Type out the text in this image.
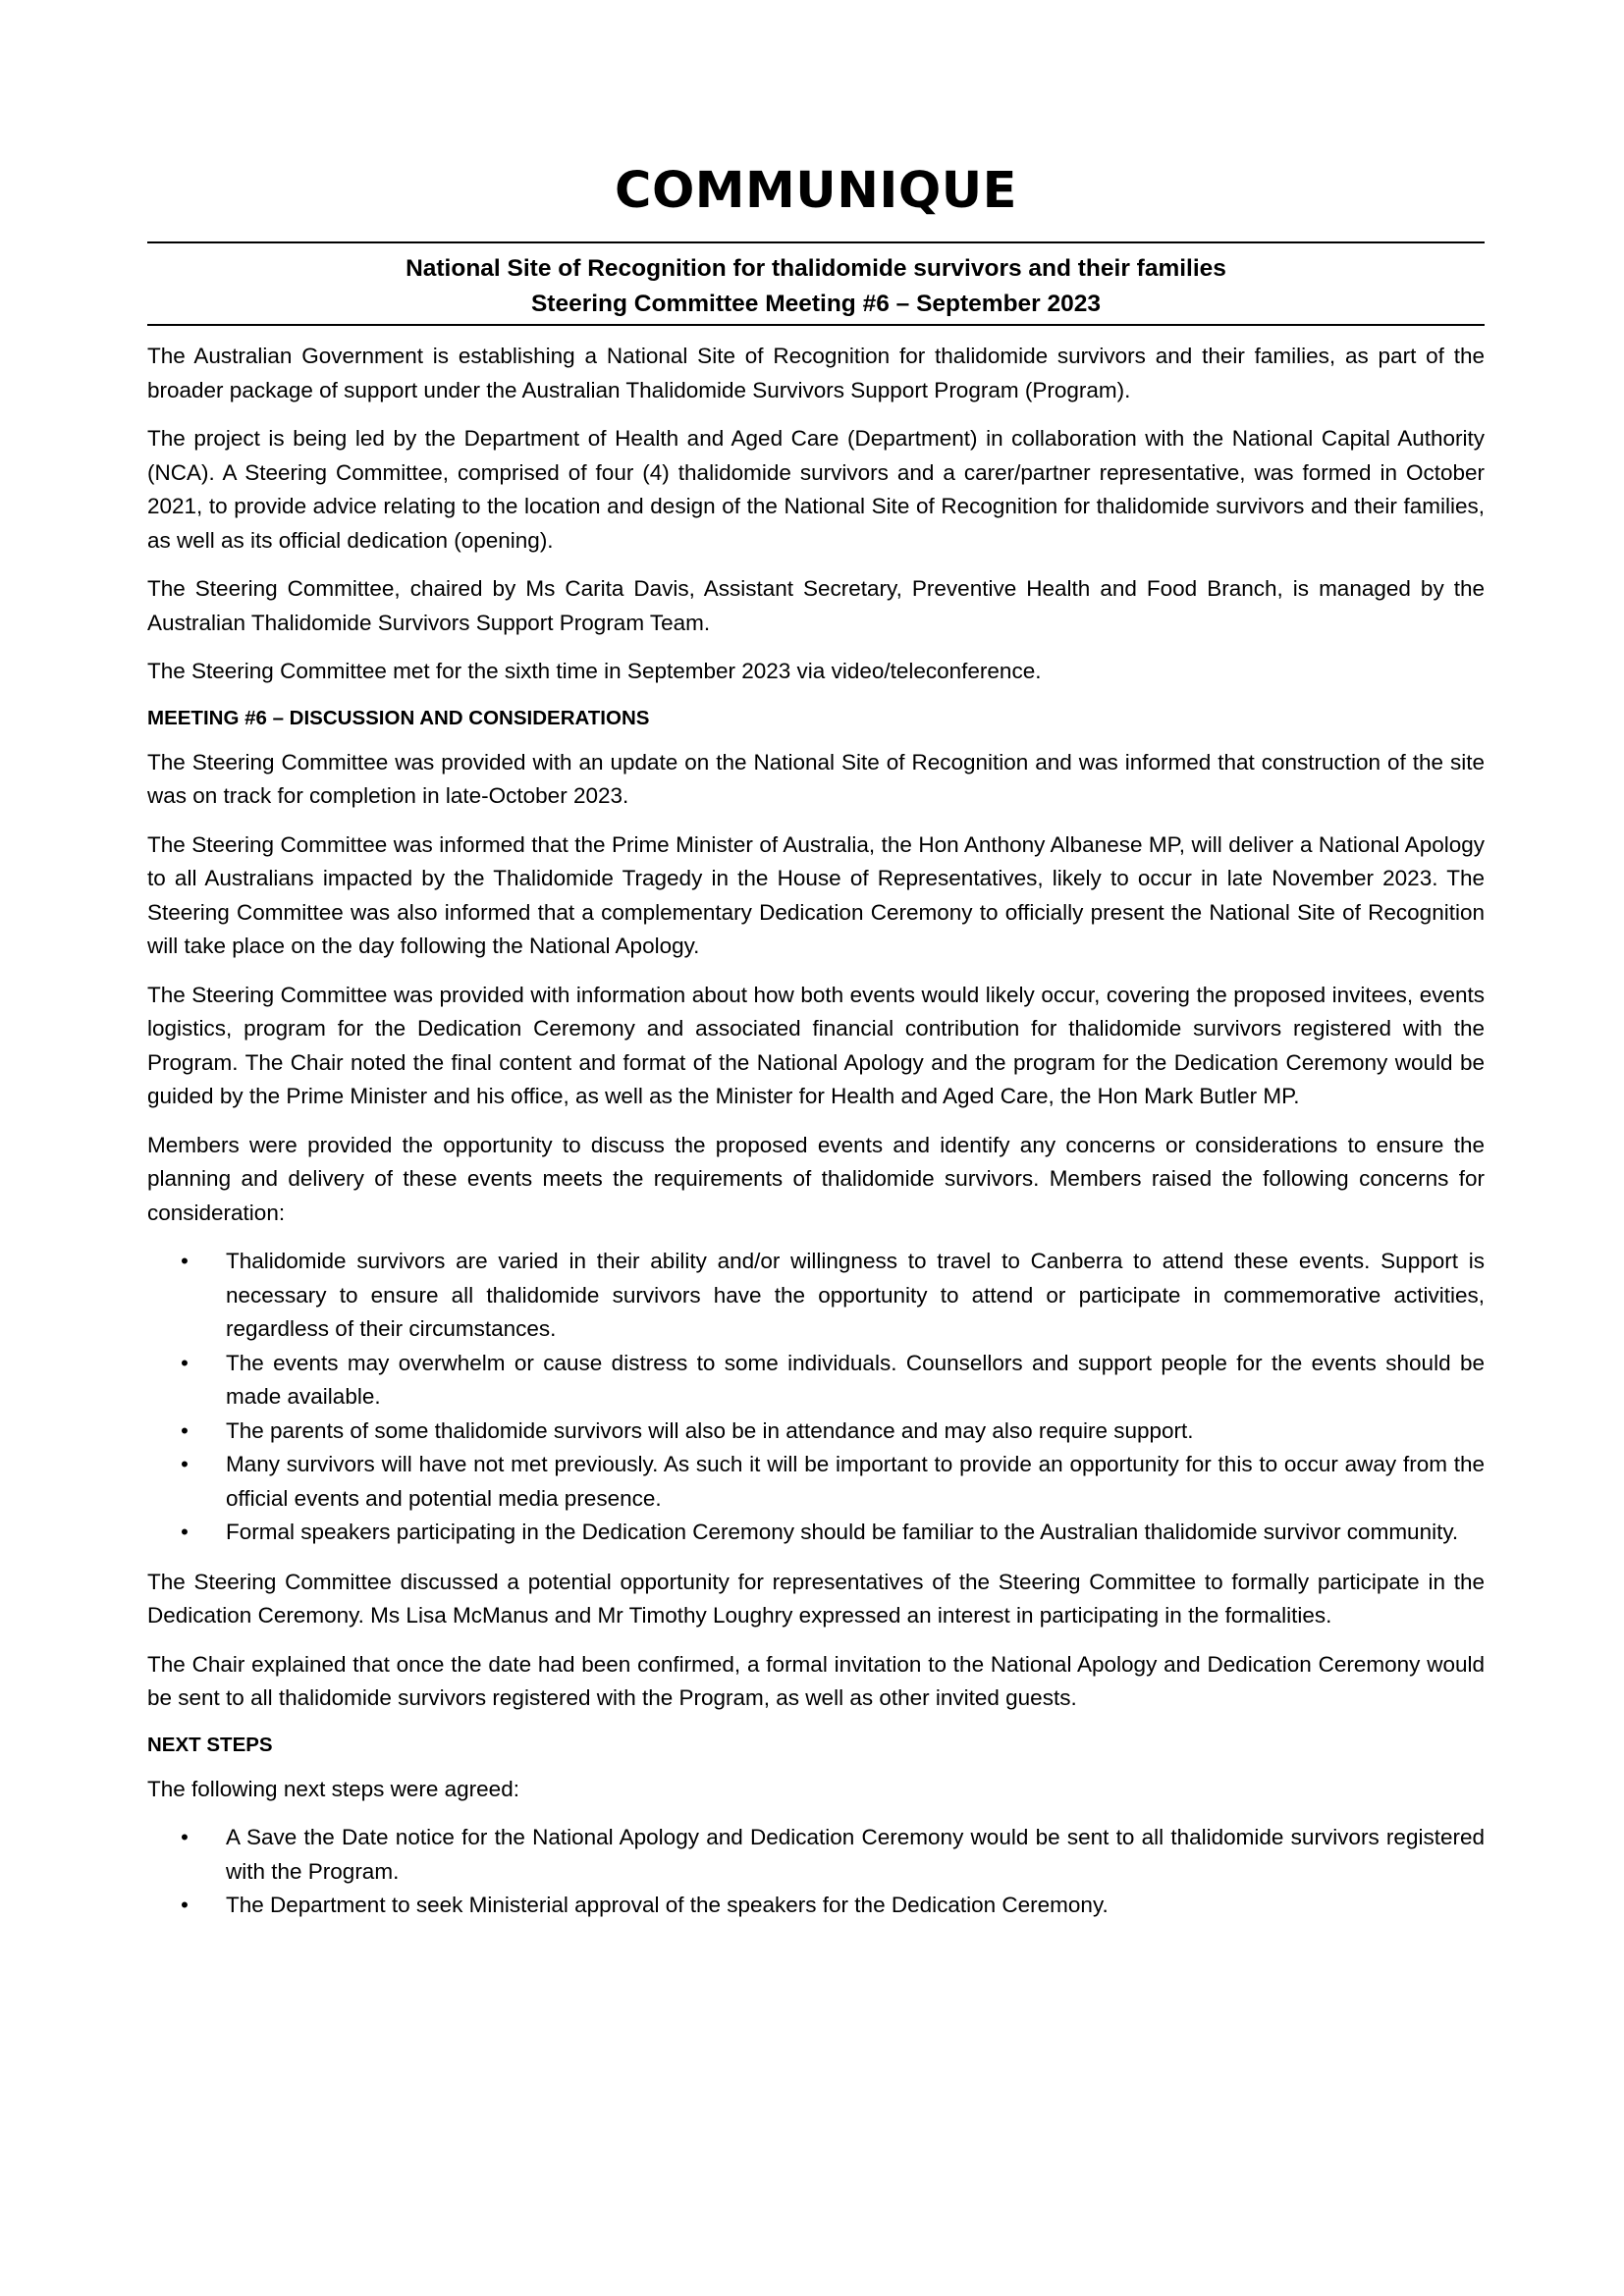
COMMUNIQUE
National Site of Recognition for thalidomide survivors and their families
Steering Committee Meeting #6 – September 2023

The Australian Government is establishing a National Site of Recognition for thalidomide survivors and their families, as part of the broader package of support under the Australian Thalidomide Survivors Support Program (Program).

The project is being led by the Department of Health and Aged Care (Department) in collaboration with the National Capital Authority (NCA). A Steering Committee, comprised of four (4) thalidomide survivors and a carer/partner representative, was formed in October 2021, to provide advice relating to the location and design of the National Site of Recognition for thalidomide survivors and their families, as well as its official dedication (opening).

The Steering Committee, chaired by Ms Carita Davis, Assistant Secretary, Preventive Health and Food Branch, is managed by the Australian Thalidomide Survivors Support Program Team.

The Steering Committee met for the sixth time in September 2023 via video/teleconference.

MEETING #6 – DISCUSSION AND CONSIDERATIONS

The Steering Committee was provided with an update on the National Site of Recognition and was informed that construction of the site was on track for completion in late-October 2023.

The Steering Committee was informed that the Prime Minister of Australia, the Hon Anthony Albanese MP, will deliver a National Apology to all Australians impacted by the Thalidomide Tragedy in the House of Representatives, likely to occur in late November 2023. The Steering Committee was also informed that a complementary Dedication Ceremony to officially present the National Site of Recognition will take place on the day following the National Apology.

The Steering Committee was provided with information about how both events would likely occur, covering the proposed invitees, events logistics, program for the Dedication Ceremony and associated financial contribution for thalidomide survivors registered with the Program. The Chair noted the final content and format of the National Apology and the program for the Dedication Ceremony would be guided by the Prime Minister and his office, as well as the Minister for Health and Aged Care, the Hon Mark Butler MP.

Members were provided the opportunity to discuss the proposed events and identify any concerns or considerations to ensure the planning and delivery of these events meets the requirements of thalidomide survivors. Members raised the following concerns for consideration:

• Thalidomide survivors are varied in their ability and/or willingness to travel to Canberra to attend these events. Support is necessary to ensure all thalidomide survivors have the opportunity to attend or participate in commemorative activities, regardless of their circumstances.
• The events may overwhelm or cause distress to some individuals. Counsellors and support people for the events should be made available.
• The parents of some thalidomide survivors will also be in attendance and may also require support.
• Many survivors will have not met previously. As such it will be important to provide an opportunity for this to occur away from the official events and potential media presence.
• Formal speakers participating in the Dedication Ceremony should be familiar to the Australian thalidomide survivor community.

The Steering Committee discussed a potential opportunity for representatives of the Steering Committee to formally participate in the Dedication Ceremony. Ms Lisa McManus and Mr Timothy Loughry expressed an interest in participating in the formalities.

The Chair explained that once the date had been confirmed, a formal invitation to the National Apology and Dedication Ceremony would be sent to all thalidomide survivors registered with the Program, as well as other invited guests.

NEXT STEPS

The following next steps were agreed:

• A Save the Date notice for the National Apology and Dedication Ceremony would be sent to all thalidomide survivors registered with the Program.
• The Department to seek Ministerial approval of the speakers for the Dedication Ceremony.
